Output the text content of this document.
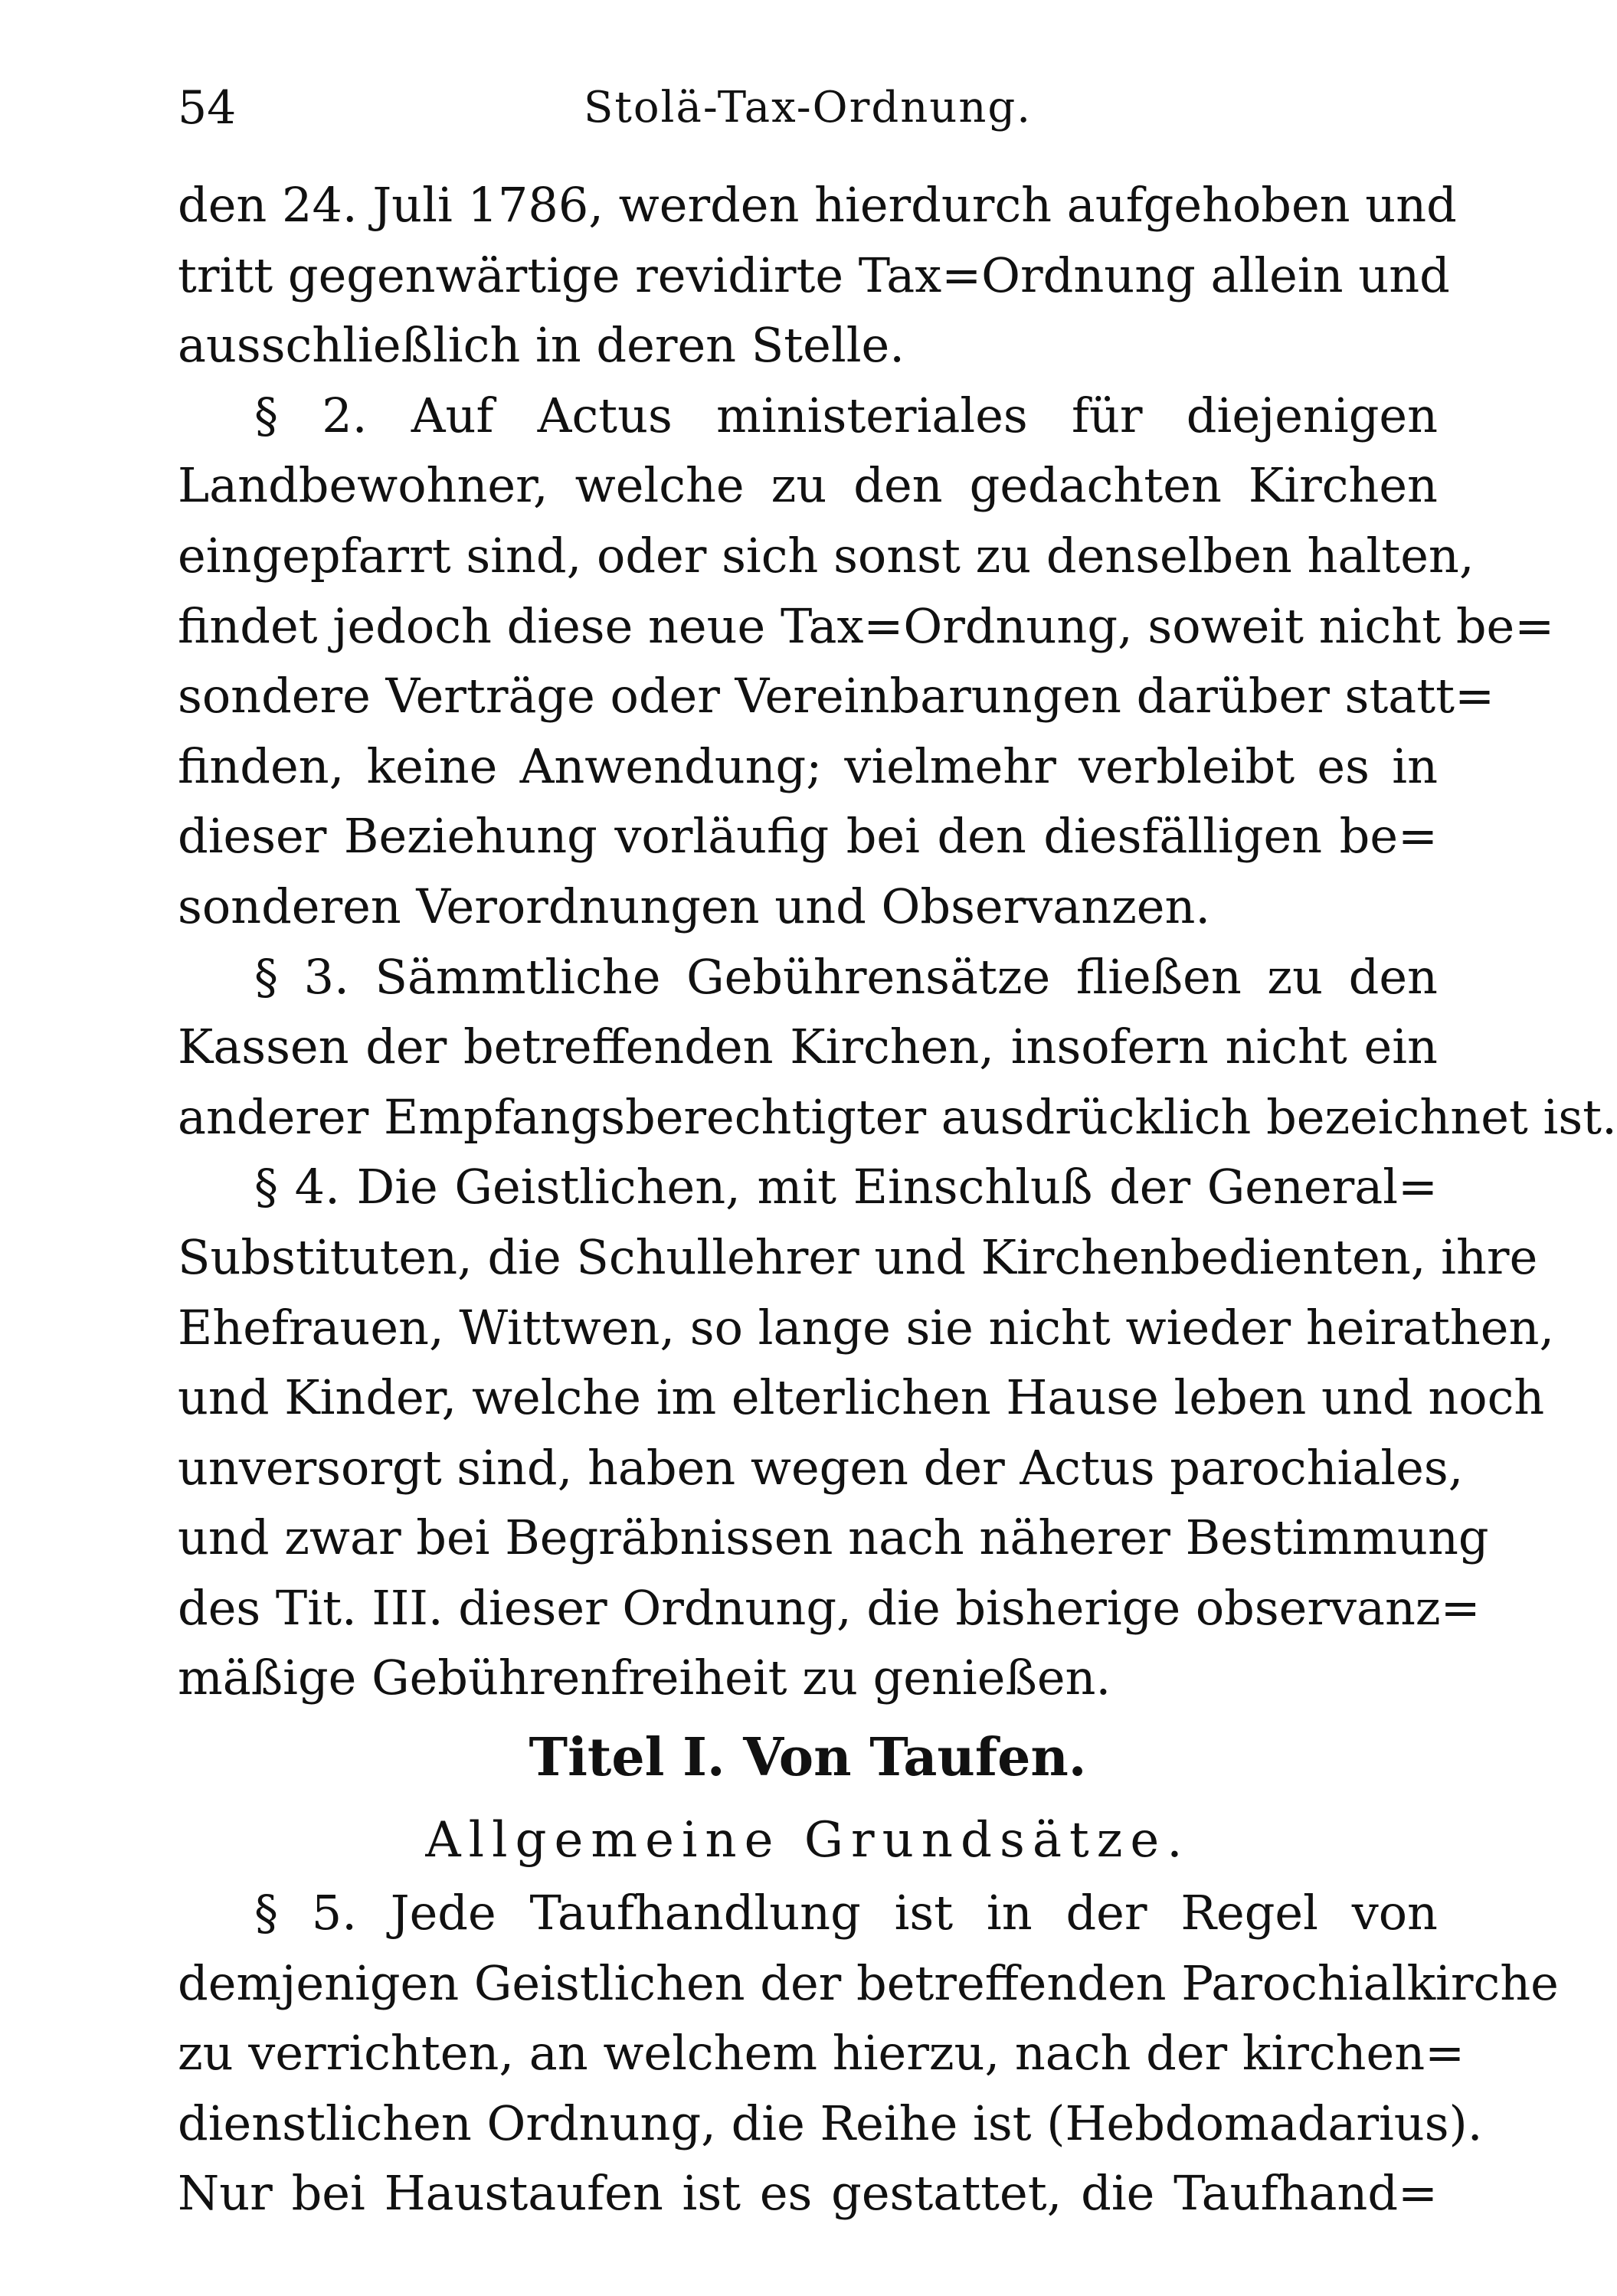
54	Stolä-Tax-Ordnung.
den 24. Juli 1786, werden hierdurch aufgehoben und
tritt gegenwärtige revidirte Tax=Ordnung allein und
ausschließlich in deren Stelle.
§ 2. Auf Actus ministeriales für diejenigen
Landbewohner, welche zu den gedachten Kirchen
eingepfarrt sind, oder sich sonst zu denselben halten,
findet jedoch diese neue Tax=Ordnung, soweit nicht be=
sondere Verträge oder Vereinbarungen darüber statt=
finden, keine Anwendung; vielmehr verbleibt es in
dieser Beziehung vorläufig bei den diesfälligen be=
sonderen Verordnungen und Observanzen.
§ 3. Sämmtliche Gebührensätze fließen zu den
Kassen der betreffenden Kirchen, insofern nicht ein
anderer Empfangsberechtigter ausdrücklich bezeichnet ist.
§ 4. Die Geistlichen, mit Einschluß der General=
Substituten, die Schullehrer und Kirchenbedienten, ihre
Ehefrauen, Wittwen, so lange sie nicht wieder heirathen,
und Kinder, welche im elterlichen Hause leben und noch
unversorgt sind, haben wegen der Actus parochiales,
und zwar bei Begräbnissen nach näherer Bestimmung
des Tit. III. dieser Ordnung, die bisherige observanz=
mäßige Gebührenfreiheit zu genießen.
Titel I. Von Taufen.
Allgemeine Grundsätze.
§ 5. Jede Taufhandlung ist in der Regel von
demjenigen Geistlichen der betreffenden Parochialkirche
zu verrichten, an welchem hierzu, nach der kirchen=
dienstlichen Ordnung, die Reihe ist (Hebdomadarius).
Nur bei Haustaufen ist es gestattet, die Taufhand=
